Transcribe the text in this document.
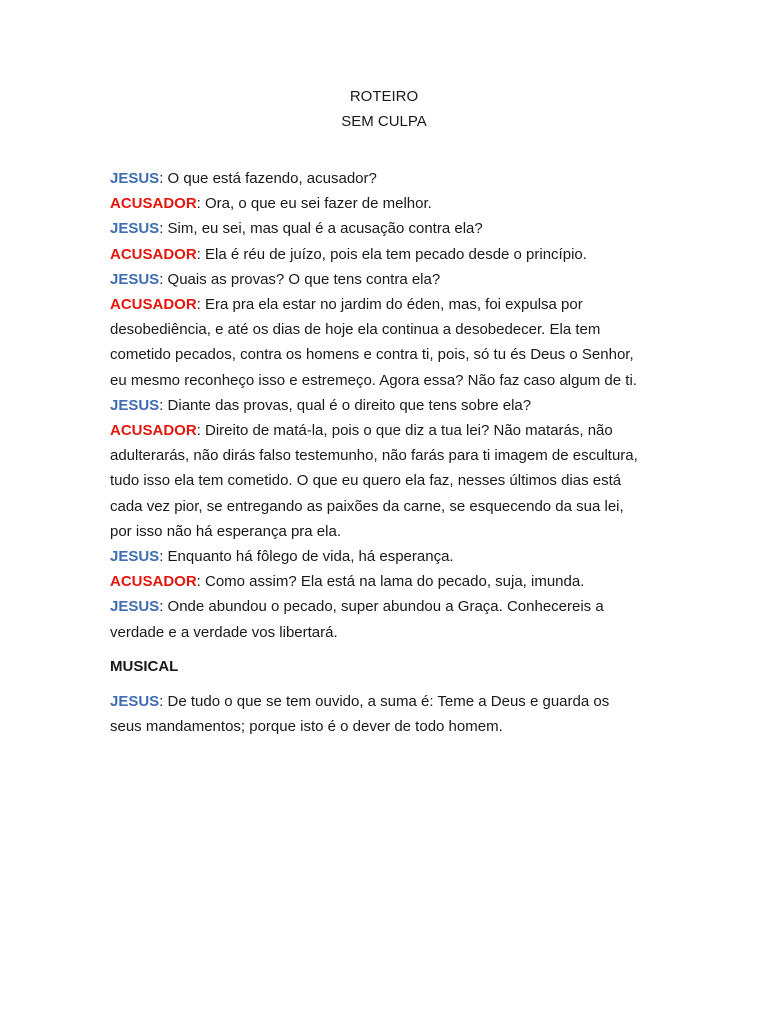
ROTEIRO
SEM CULPA

JESUS: O que está fazendo, acusador?

ACUSADOR: Ora, o que eu sei fazer de melhor.

JESUS: Sim, eu sei, mas qual é a acusação contra ela?

ACUSADOR: Ela é réu de juízo, pois ela tem pecado desde o princípio.

JESUS: Quais as provas? O que tens contra ela?

ACUSADOR: Era pra ela estar no jardim do éden, mas, foi expulsa por

desobediência, e até os dias de hoje ela continua a desobedecer. Ela tem

cometido pecados, contra os homens e contra ti, pois, só tu és Deus o Senhor,

eu mesmo reconheço isso e estremeço. Agora essa? Não faz caso algum de ti.

JESUS: Diante das provas, qual é o direito que tens sobre ela?

ACUSADOR: Direito de matá-la, pois o que diz a tua lei? Não matarás, não

adulterarás, não dirás falso testemunho, não farás para ti imagem de escultura,

tudo isso ela tem cometido. O que eu quero ela faz, nesses últimos dias está

cada vez pior, se entregando as paixões da carne, se esquecendo da sua lei,

por isso não há esperança pra ela.

JESUS: Enquanto há fôlego de vida, há esperança.

ACUSADOR: Como assim? Ela está na lama do pecado, suja, imunda.

JESUS: Onde abundou o pecado, super abundou a Graça. Conhecereis a

verdade e a verdade vos libertará.

MUSICAL

JESUS: De tudo o que se tem ouvido, a suma é: Teme a Deus e guarda os

seus mandamentos; porque isto é o dever de todo homem.
